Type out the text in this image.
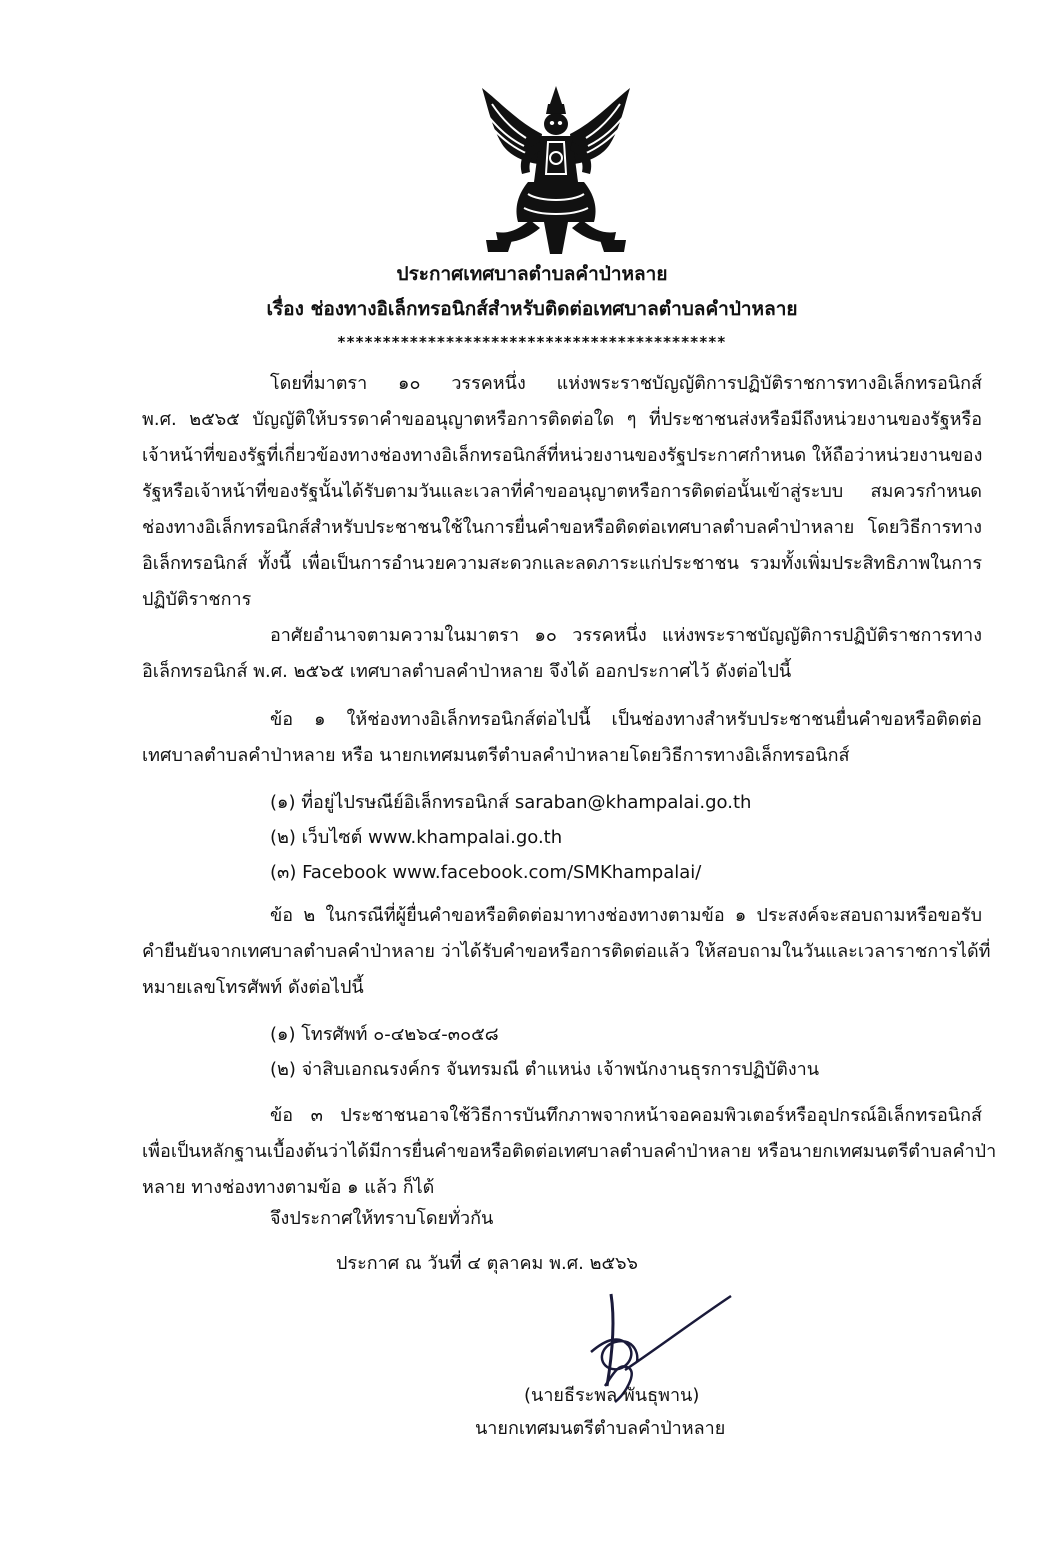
ประกาศเทศบาลตำบลคำป่าหลาย
เรื่อง ช่องทางอิเล็กทรอนิกส์สำหรับติดต่อเทศบาลตำบลคำป่าหลาย
*******************************************
โดยที่มาตรา ๑๐ วรรคหนึ่ง แห่งพระราชบัญญัติการปฏิบัติราชการทางอิเล็กทรอนิกส์
พ.ศ. ๒๕๖๕ บัญญัติให้บรรดาคำขออนุญาตหรือการติดต่อใด ๆ ที่ประชาชนส่งหรือมีถึงหน่วยงานของรัฐหรือ
เจ้าหน้าที่ของรัฐที่เกี่ยวข้องทางช่องทางอิเล็กทรอนิกส์ที่หน่วยงานของรัฐประกาศกำหนด ให้ถือว่าหน่วยงานของ
รัฐหรือเจ้าหน้าที่ของรัฐนั้นได้รับตามวันและเวลาที่คำขออนุญาตหรือการติดต่อนั้นเข้าสู่ระบบ สมควรกำหนด
ช่องทางอิเล็กทรอนิกส์สำหรับประชาชนใช้ในการยื่นคำขอหรือติดต่อเทศบาลตำบลคำป่าหลาย โดยวิธีการทาง
อิเล็กทรอนิกส์ ทั้งนี้ เพื่อเป็นการอำนวยความสะดวกและลดภาระแก่ประชาชน รวมทั้งเพิ่มประสิทธิภาพในการ
ปฏิบัติราชการ
อาศัยอำนาจตามความในมาตรา ๑๐ วรรคหนึ่ง แห่งพระราชบัญญัติการปฏิบัติราชการทาง
อิเล็กทรอนิกส์ พ.ศ. ๒๕๖๕ เทศบาลตำบลคำป่าหลาย จึงได้ ออกประกาศไว้ ดังต่อไปนี้
ข้อ ๑ ให้ช่องทางอิเล็กทรอนิกส์ต่อไปนี้ เป็นช่องทางสำหรับประชาชนยื่นคำขอหรือติดต่อ
เทศบาลตำบลคำป่าหลาย หรือ นายกเทศมนตรีตำบลคำป่าหลายโดยวิธีการทางอิเล็กทรอนิกส์
(๑) ที่อยู่ไปรษณีย์อิเล็กทรอนิกส์ saraban@khampalai.go.th
(๒) เว็บไซต์ www.khampalai.go.th
(๓) Facebook www.facebook.com/SMKhampalai/
ข้อ ๒ ในกรณีที่ผู้ยื่นคำขอหรือติดต่อมาทางช่องทางตามข้อ ๑ ประสงค์จะสอบถามหรือขอรับ
คำยืนยันจากเทศบาลตำบลคำป่าหลาย ว่าได้รับคำขอหรือการติดต่อแล้ว ให้สอบถามในวันและเวลาราชการได้ที่
หมายเลขโทรศัพท์ ดังต่อไปนี้
(๑) โทรศัพท์ ๐-๔๒๖๔-๓๐๕๘
(๒) จ่าสิบเอกณรงค์กร จันทรมณี ตำแหน่ง เจ้าพนักงานธุรการปฏิบัติงาน
ข้อ ๓ ประชาชนอาจใช้วิธีการบันทึกภาพจากหน้าจอคอมพิวเตอร์หรืออุปกรณ์อิเล็กทรอนิกส์
เพื่อเป็นหลักฐานเบื้องต้นว่าได้มีการยื่นคำขอหรือติดต่อเทศบาลตำบลคำป่าหลาย หรือนายกเทศมนตรีตำบลคำป่า
หลาย ทางช่องทางตามข้อ ๑ แล้ว ก็ได้
จึงประกาศให้ทราบโดยทั่วกัน
ประกาศ ณ วันที่ ๔ ตุลาคม พ.ศ. ๒๕๖๖
(นายธีระพล พันธุพาน)
นายกเทศมนตรีตำบลคำป่าหลาย
